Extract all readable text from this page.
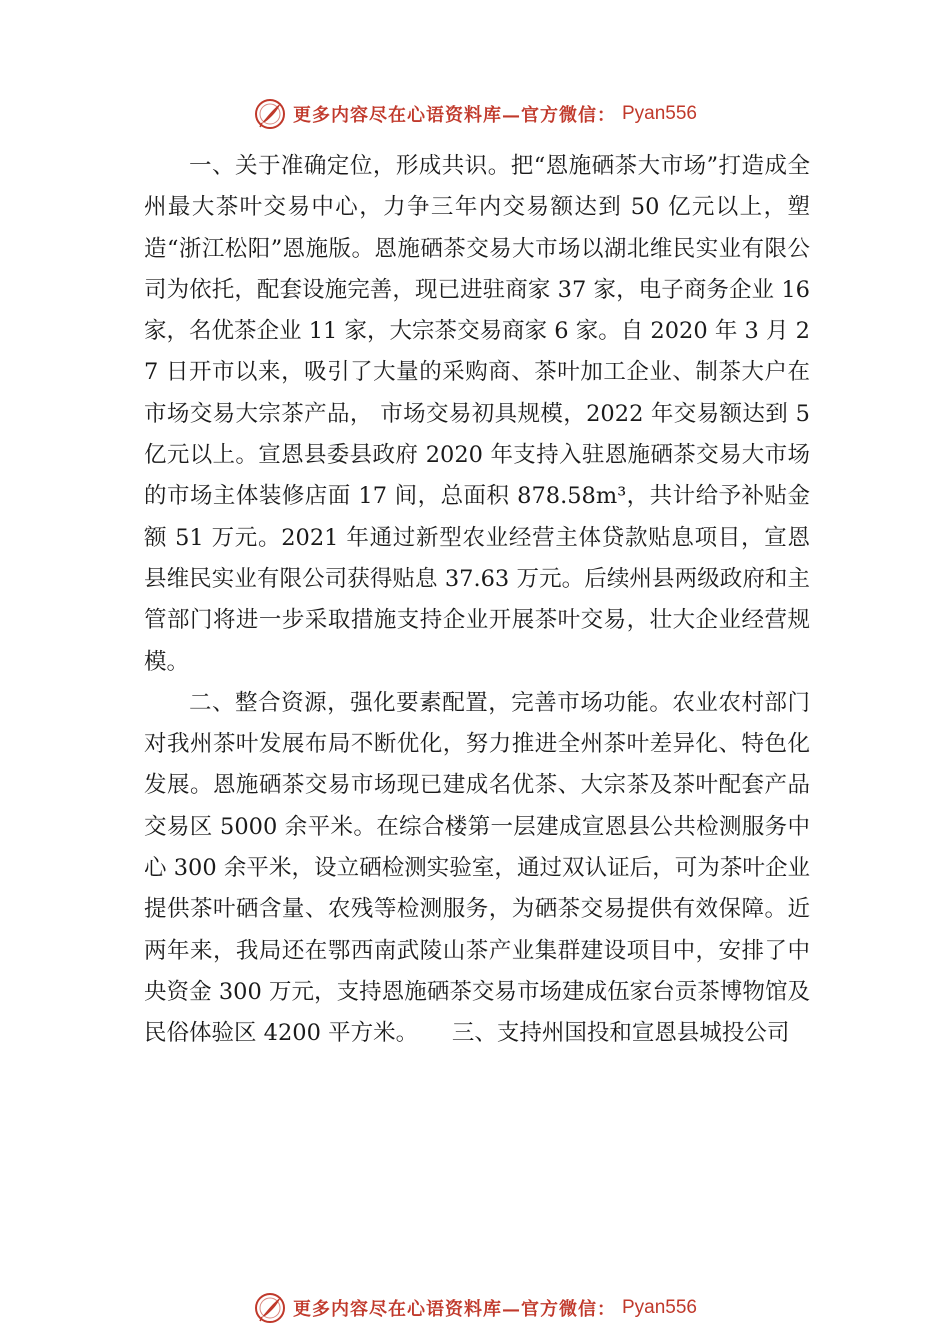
更多内容尽在心语资料库—官方微信： Pyan556

一、关于准确定位，形成共识。把“恩施硒茶大市场”打造成全州最大茶叶交易中心，力争三年内交易额达到 50 亿元以上，塑造“浙江松阳”恩施版。恩施硒茶交易大市场以湖北维民实业有限公司为依托，配套设施完善，现已进驻商家 37 家，电子商务企业 16 家，名优茶企业 11 家，大宗茶交易商家 6 家。自 2020 年 3 月 27 日开市以来，吸引了大量的采购商、茶叶加工企业、制茶大户在市场交易大宗茶产品， 市场交易初具规模，2022 年交易额达到 5 亿元以上。宣恩县委县政府 2020 年支持入驻恩施硒茶交易大市场的市场主体装修店面 17 间，总面积 878.58m³，共计给予补贴金额 51 万元。2021 年通过新型农业经营主体贷款贴息项目，宣恩县维民实业有限公司获得贴息 37.63 万元。后续州县两级政府和主管部门将进一步采取措施支持企业开展茶叶交易，壮大企业经营规模。

二、整合资源，强化要素配置，完善市场功能。农业农村部门对我州茶叶发展布局不断优化，努力推进全州茶叶差异化、特色化发展。恩施硒茶交易市场现已建成名优茶、大宗茶及茶叶配套产品交易区 5000 余平米。在综合楼第一层建成宣恩县公共检测服务中心 300 余平米，设立硒检测实验室，通过双认证后，可为茶叶企业提供茶叶硒含量、农残等检测服务，为硒茶交易提供有效保障。近两年来，我局还在鄂西南武陵山茶产业集群建设项目中，安排了中央资金 300 万元，支持恩施硒茶交易市场建成伍家台贡茶博物馆及民俗体验区 4200 平方米。　　三、支持州国投和宣恩县城投公司

更多内容尽在心语资料库—官方微信： Pyan556
